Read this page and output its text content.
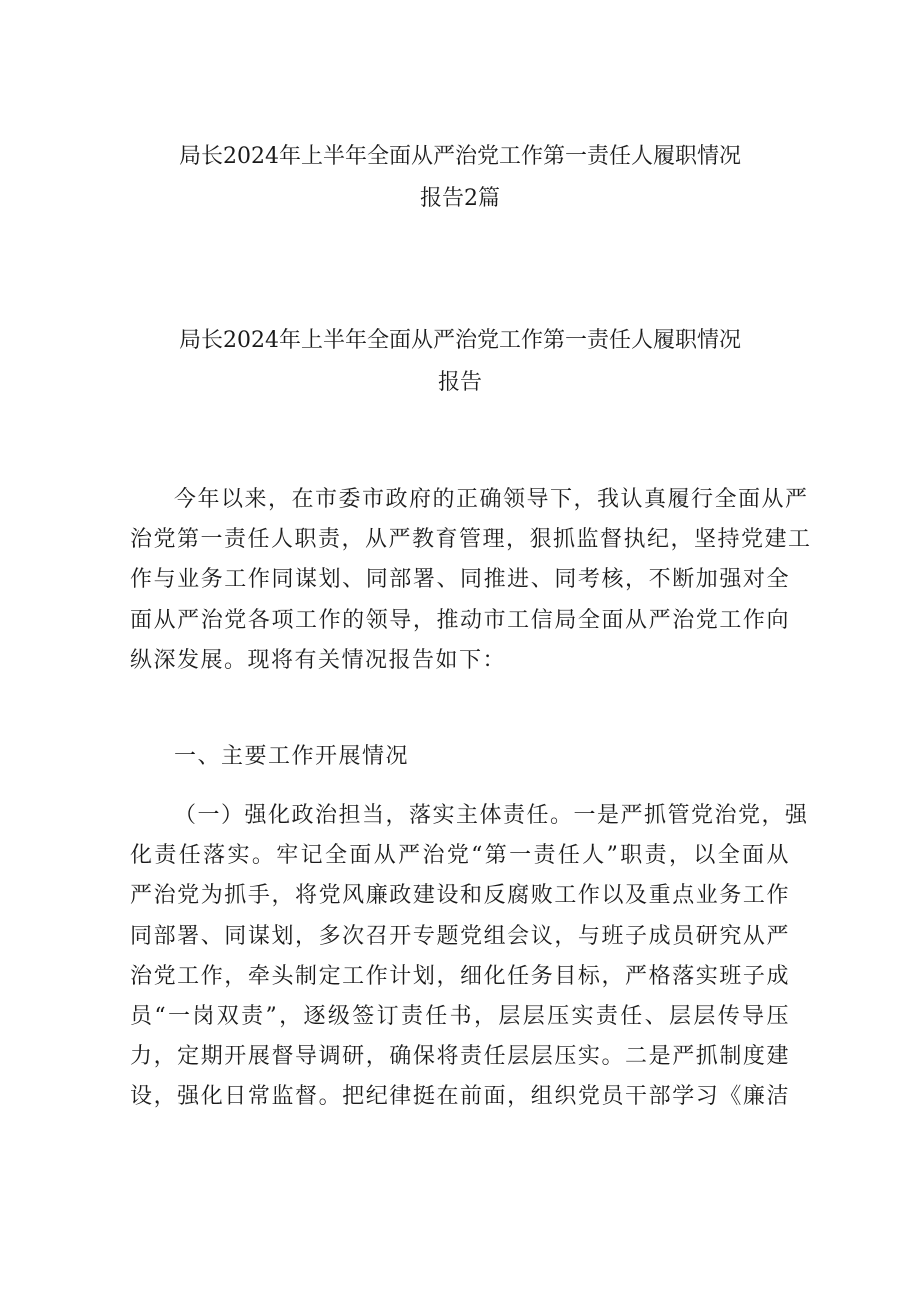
局长2024年上半年全面从严治党工作第一责任人履职情况
报告2篇
局长2024年上半年全面从严治党工作第一责任人履职情况
报告
今年以来，在市委市政府的正确领导下，我认真履行全面从严
治党第一责任人职责，从严教育管理，狠抓监督执纪，坚持党建工
作与业务工作同谋划、同部署、同推进、同考核，不断加强对全
面从严治党各项工作的领导，推动市工信局全面从严治党工作向
纵深发展。现将有关情况报告如下：
一、主要工作开展情况
（一）强化政治担当，落实主体责任。一是严抓管党治党，强
化责任落实。牢记全面从严治党“第一责任人”职责，以全面从
严治党为抓手，将党风廉政建设和反腐败工作以及重点业务工作
同部署、同谋划，多次召开专题党组会议，与班子成员研究从严
治党工作，牵头制定工作计划，细化任务目标，严格落实班子成
员“一岗双责”，逐级签订责任书，层层压实责任、层层传导压
力，定期开展督导调研，确保将责任层层压实。二是严抓制度建
设，强化日常监督。把纪律挺在前面，组织党员干部学习《廉洁
